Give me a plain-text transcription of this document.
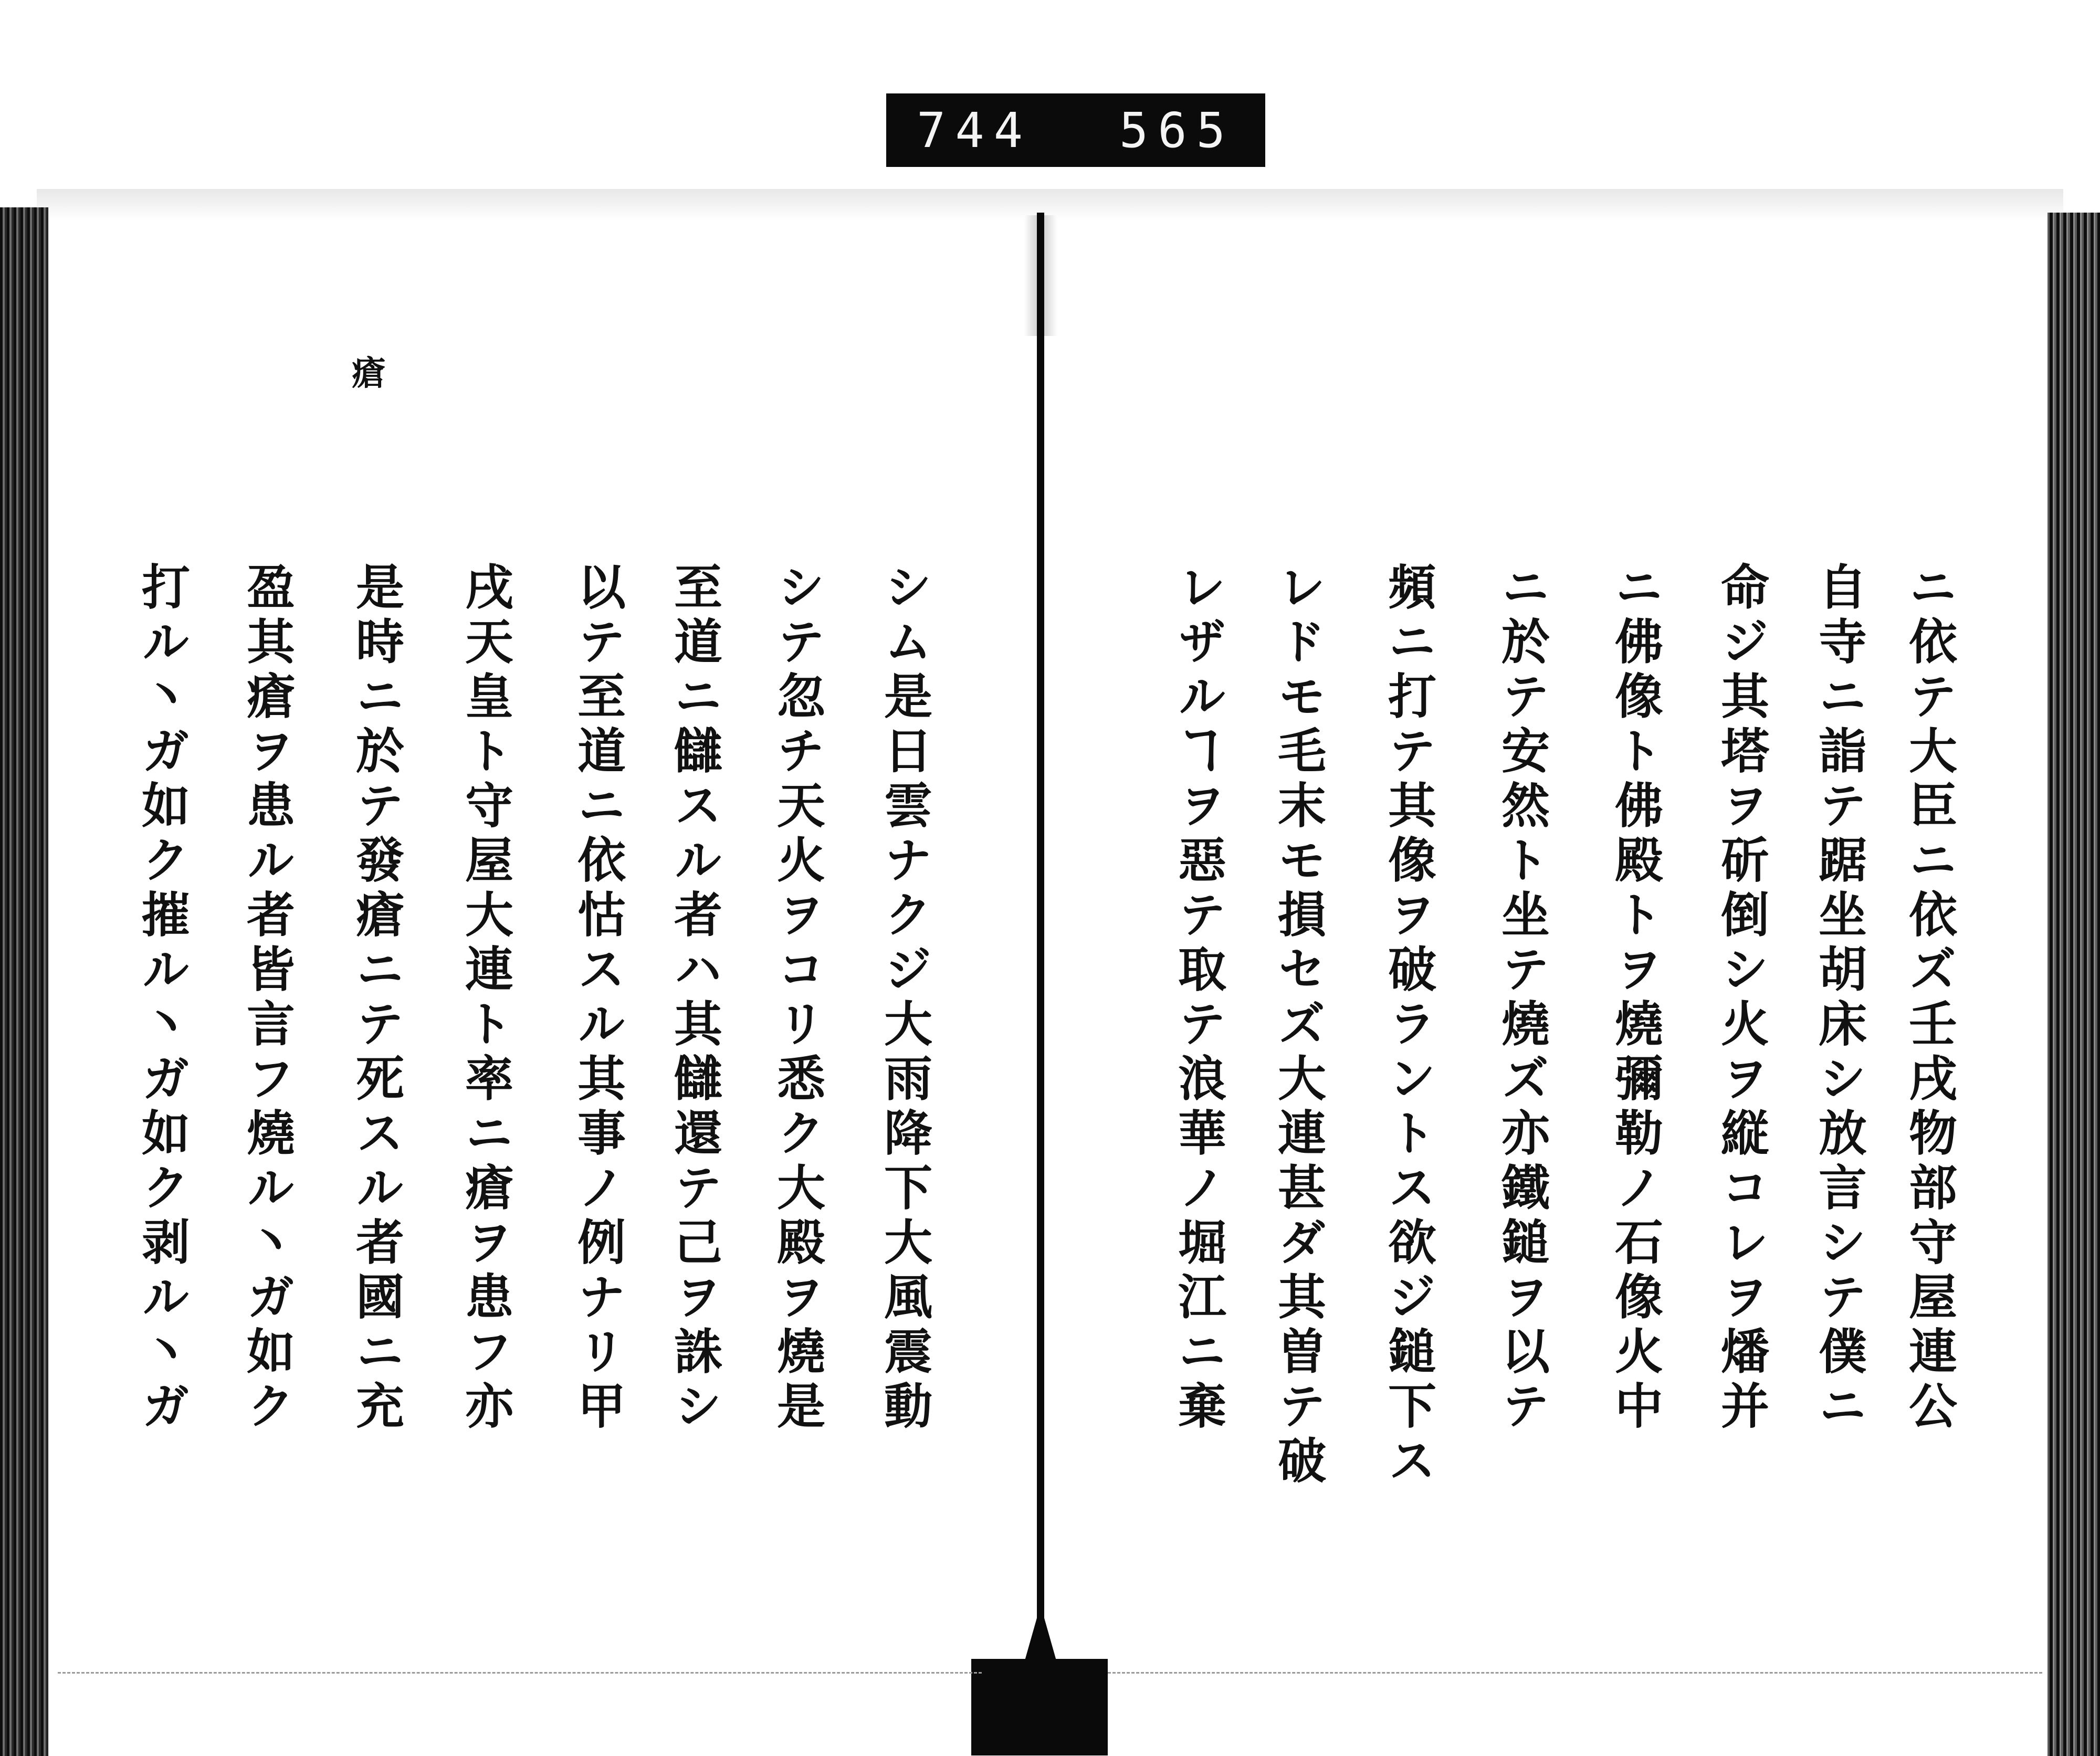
744 565
瘡
ニ依テ大臣ニ依ズ壬戌物部守屋連公
自寺ニ詣テ踞坐胡床シ放言シテ僕ニ
命ジ其塔ヲ斫倒シ火ヲ縦コレヲ燔并
ニ佛像ト佛殿トヲ燒彌勒ノ石像火中
ニ於テ安然ト坐テ燒ズ亦鐵鎚ヲ以テ
頻ニ打テ其像ヲ破ラントス欲ジ鎚下ス
レドモ毛末モ損セズ大連甚ダ其曽テ破
レザルヿヲ惡テ取テ浪華ノ堀江ニ棄
シム是日雲ナクジ大雨降下大風震動
シテ忽チ天火ヲコリ悉ク大殿ヲ燒是
至道ニ讎スル者ハ其讎還テ己ヲ誅シ
以テ至道ニ依怙スル其事ノ例ナリ甲
戌天皇ト守屋大連ト率ニ瘡ヲ患フ亦
是時ニ於テ發瘡ニテ死スル者國ニ充
盈其瘡ヲ患ル者皆言フ燒ル丶ガ如ク
打ル丶ガ如ク摧ル丶ガ如ク剥ル丶ガ
